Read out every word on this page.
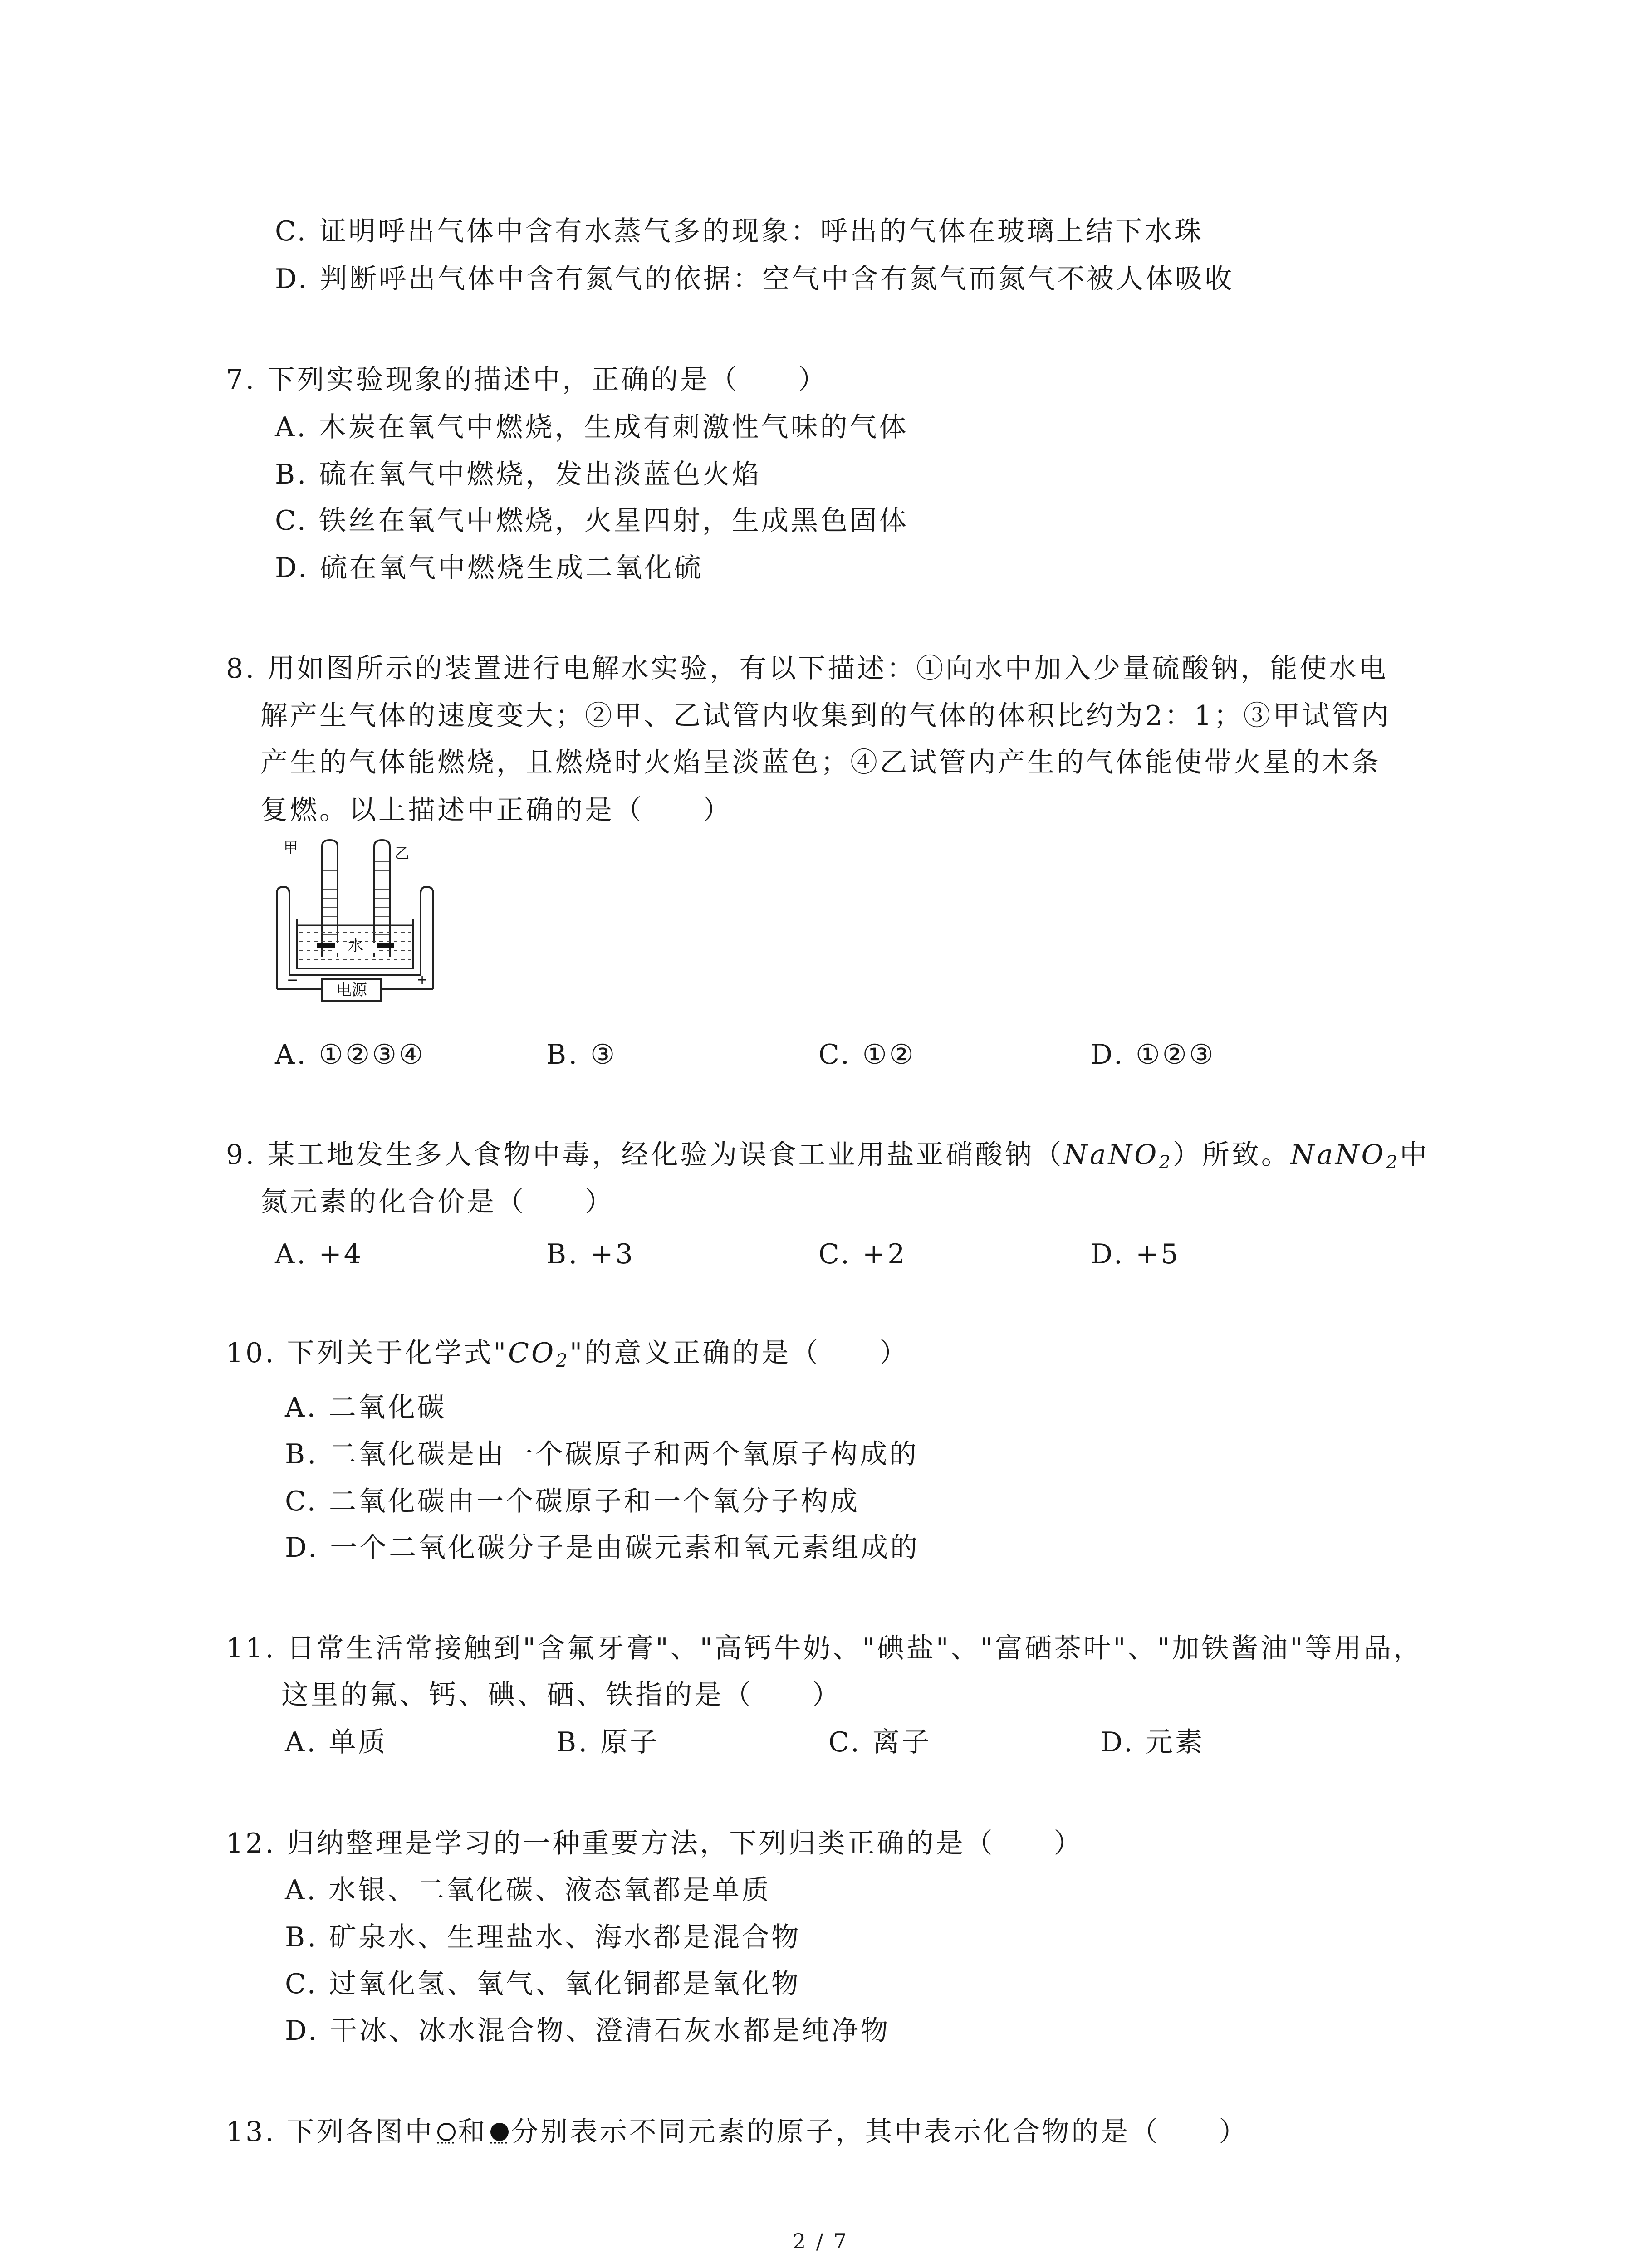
C. 证明呼出气体中含有水蒸气多的现象：呼出的气体在玻璃上结下水珠
D. 判断呼出气体中含有氮气的依据：空气中含有氮气而氮气不被人体吸收
7. 下列实验现象的描述中，正确的是（　　）
A. 木炭在氧气中燃烧，生成有刺激性气味的气体
B. 硫在氧气中燃烧，发出淡蓝色火焰
C. 铁丝在氧气中燃烧，火星四射，生成黑色固体
D. 硫在氧气中燃烧生成二氧化硫
8. 用如图所示的装置进行电解水实验，有以下描述：①向水中加入少量硫酸钠，能使水电
解产生气体的速度变大；②甲、乙试管内收集到的气体的体积比约为2：1；③甲试管内
产生的气体能燃烧，且燃烧时火焰呈淡蓝色；④乙试管内产生的气体能使带火星的木条
复燃。以上描述中正确的是（　　）
水
甲	乙
−	+
电源
A. ①②③④	B. ③	C. ①②	D. ①②③
9. 某工地发生多人食物中毒，经化验为误食工业用盐亚硝酸钠（NaNO$_2$）所致。NaNO$_2$中
氮元素的化合价是（　　）
A. +4	B. +3	C. +2	D. +5
10. 下列关于化学式"$CO_2$"的意义正确的是（　　）
A. 二氧化碳
B. 二氧化碳是由一个碳原子和两个氧原子构成的
C. 二氧化碳由一个碳原子和一个氧分子构成
D. 一个二氧化碳分子是由碳元素和氧元素组成的
11. 日常生活常接触到"含氟牙膏"、"高钙牛奶、"碘盐"、"富硒茶叶"、"加铁酱油"等用品，
这里的氟、钙、碘、硒、铁指的是（　　）
A. 单质	B. 原子	C. 离子	D. 元素
12. 归纳整理是学习的一种重要方法，下列归类正确的是（　　）
A. 水银、二氧化碳、液态氧都是单质
B. 矿泉水、生理盐水、海水都是混合物
C. 过氧化氢、氧气、氧化铜都是氧化物
D. 干冰、冰水混合物、澄清石灰水都是纯净物
13. 下列各图中 和 分别表示不同元素的原子，其中表示化合物的是（　　）
2 / 7
